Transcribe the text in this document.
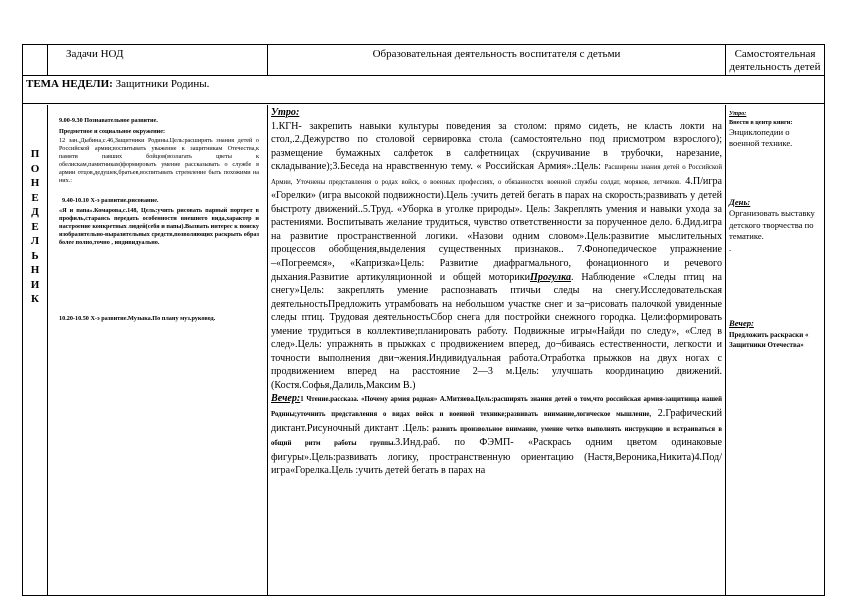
Задачи НОД	Образовательная деятельность воспитателя с детьми	Самостоятельная деятельность детей
ТЕМА НЕДЕЛИ: Защитники Родины.
П
О
Н
Е
Д
Е
Л
Ь
Н
И
К
9.00-9.30 Познавательное развитие.
Предметное и социальное окружение:
12 зан.,Дыбина,с.46,Защитники Родины.Цель:расширять знания детей о Российской армии;воспитывать уважение к защитникам Отечества,к памяти павших бойцов(возлагать цветы к обелискам,памятникам)формировать умение рассказывать о службе в армии отцов,дедушек,братьев,воспитывать стремление быть похожими на них.:
9.40-10.10 Х-э развитие.рисование.
«Я и папа».Комарова,с.148, Цель:учить рисовать парный портрет в профиль,стараясь передать особенности внешнего вида,характер и настроение конкретных людей(себя и папы).Вызвать интерес к поиску изобразительно-выразительных средств,позволяющих раскрыть образ более полно,точно , индивидуально.
10.20-10.50 Х-э развитие.Музыка.По плану муз.руковод.

Утро:

1.КГН- закрепить навыки культуры поведения за столом: прямо сидеть, не класть локти на стол,.2.Дежурство по столовой сервировка стола (самостоятельно под присмотром взрослого); размещение бумажных салфеток в салфетницах (скручивание в трубочки, нарезание, складывание);3.Беседа на нравственную тему. « Российская Армия».:Цель: Расширены знания детей о Российской Армии, Уточнены представления о родах войск, о военных профессиях, о обязанностях военной службы солдат, моряков, летчиков. 4.П/игра «Горелки» (игра высокой подвижности).Цель :учить детей бегать в парах на скорость;развивать у детей быстроту движений..5.Труд. «Уборка в уголке природы». Цель: Закреплять умения и навыки ухода за растениями. Воспитывать желание трудиться, чувство ответственности за порученное дело. 6.Дид.игра на развитие пространственной логики. «Назови одним словом».Цель:развитие мыслительных процессов обобщения,выделения существенных признаков.. 7.Фонопедическое упражнение –«Погреемся», «Капризка»Цель: Развитие диафрагмального, фонационного и речевого дыхания.Развитие артикуляционной и общей моторикиПрогулка. Наблюдение «Следы птиц на снегу»Цель: закреплять умение распознавать птичьи следы на снегу.Исследовательская деятельностьПредложить утрамбовать на небольшом участке снег и за¬рисовать палочкой увиденные следы птиц. Трудовая деятельностьСбор снега для постройки снежного городка. Цели:формировать умение трудиться в коллективе;планировать работу. Подвижные игры«Найди по следу», «След в след».Цель: упражнять в прыжках с продвижением вперед, до¬биваясь естественности, легкости и точности выполнения дви¬жения.Индивидуальная работа.Отработка прыжков на двух ногах с продвижением вперед на расстояние 2—3 м.Цель: улучшать координацию движений.(Костя.Софья,Далиль,Максим В.)

Вечер:1 Чтение.рассказа. «Почему армия родная» А.Митяева.Цель:расширять знания детей о том,что российская армия-защитница нашей Родины;уточнить представления о видах войск и военной технике;развивать внимание,логическое мышление, 2.Графический диктант.Рисуночный диктант .Цель: развить произвольное внимание, умение четко выполнять инструкцию и встраиваться в общий ритм работы группы.3.Инд.раб. по ФЭМП- «Раскрась одним цветом одинаковые фигуры».Цель:развивать логику, пространственную ориентацию (Настя,Вероника,Никита)4.Под/игра«Горелка.Цель :учить детей бегать в парах на

Утро:

Внести в центр книги:

Энциклопедии о военной технике.

День:

Организовать выставку детского творчества по тематике.

.

Вечер:

Предложить раскраски « Защитники Отечества»
